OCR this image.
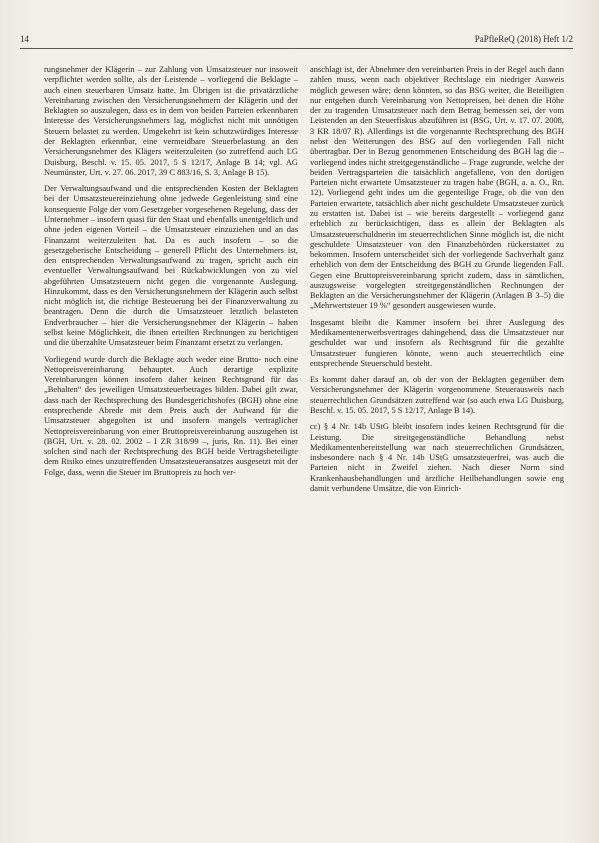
14	PaPfleReQ (2018) Heft 1/2

rungsnehmer der Klägerin – zur Zahlung von Umsatzsteuer nur insoweit verpflichtet werden sollte, als der Leistende – vorliegend die Beklagte – auch einen steuerbaren Umsatz hatte. Im Übrigen ist die privatärztliche Vereinbarung zwischen den Versicherungsnehmern der Klägerin und der Beklagten so auszulegen, dass es in dem von beiden Parteien erkennbaren Interesse des Versicherungsnehmers lag, möglichst nicht mit unnötigen Steuern belastet zu werden. Umgekehrt ist kein schutzwürdiges Interesse der Beklagten erkennbar, eine vermeidbare Steuerbelastung an den Versicherungsnehmer des Klägers weiterzuleiten (so zutreffend auch LG Duisburg, Beschl. v. 15. 05. 2017, 5 S 12/17, Anlage B 14; vgl. AG Neumünster, Urt. v. 27. 06. 2017, 39 C 883/16, S. 3, Anlage B 15).

Der Verwaltungsaufwand und die entsprechenden Kosten der Beklagten bei der Umsatzsteuereinziehung ohne jedwede Gegenleistung sind eine konsequente Folge der vom Gesetzgeber vorgesehenen Regelung, dass der Unternehmer – insofern quasi für den Staat und ebenfalls unentgeltlich und ohne jeden eigenen Vorteil – die Umsatzsteuer einzuziehen und an das Finanzamt weiterzuleiten hat. Da es auch insofern – so die gesetzgeberische Entscheidung – generell Pflicht des Unternehmers ist, den entsprechenden Verwaltungsaufwand zu tragen, spricht auch ein eventueller Verwaltungsaufwand bei Rückabwicklungen von zu viel abgeführten Umsatzsteuern nicht gegen die vorgenannte Auslegung. Hinzukommt, dass es den Versicherungsnehmern der Klägerin auch selbst nicht möglich ist, die richtige Besteuerung bei der Finanzverwaltung zu beantragen. Denn die durch die Umsatzsteuer letztlich belasteten Endverbraucher – hier die Versicherungsnehmer der Klägerin – haben selbst keine Möglichkeit, die ihnen erteilten Rechnungen zu berichtigen und die überzahlte Umsatzsteuer beim Finanzamt ersetzt zu verlangen.

Vorliegend wurde durch die Beklagte auch weder eine Brutto- noch eine Nettopreisvereinbarung behauptet. Auch derartige explizite Vereinbarungen können insofern daher keinen Rechtsgrund für das „Behalten“ des jeweiligen Umsatzsteuerbetrages bilden. Dabei gilt zwar, dass nach der Rechtsprechung des Bundesgerichtshofes (BGH) ohne eine entsprechende Abrede mit dem Preis auch der Aufwand für die Umsatzsteuer abgegolten ist und insofern mangels vertraglicher Nettopreisvereinbarung von einer Bruttopreisvereinbarung auszugehen ist (BGH, Urt. v. 28. 02. 2002 – I ZR 318/99 –, juris, Rn. 11). Bei einer solchen sind nach der Rechtsprechung des BGH beide Vertragsbeteiligte dem Risiko eines unzutreffenden Umsatzsteueransatzes ausgesetzt mit der Folge, dass, wenn die Steuer im Bruttopreis zu hoch ver-

anschlagt ist, der Abnehmer den vereinbarten Preis in der Regel auch dann zahlen muss, wenn nach objektiver Rechtslage ein niedriger Ausweis möglich gewesen wäre; denn könnten, so das BSG weiter, die Beteiligten nur entgehen durch Vereinbarung von Nettopreisen, bei denen die Höhe der zu tragenden Umsatzsteuer nach dem Betrag bemessen sei, der vom Leistenden an den Steuerfiskus abzuführen ist (BSG, Urt. v. 17. 07. 2008, 3 KR 18/07 R). Allerdings ist die vorgenannte Rechtsprechung des BGH nebst den Weiterungen des BSG auf den vorliegenden Fall nicht übertragbar. Der in Bezug genommenen Entscheidung des BGH lag die – vorliegend indes nicht streitgegenständliche – Frage zugrunde, welche der beiden Vertragsparteien die tatsächlich angefallene, von den dortigen Parteien nicht erwartete Umsatzsteuer zu tragen habe (BGH, a. a. O., Rn. 12). Vorliegend geht indes um die gegenteilige Frage, ob die von den Parteien erwartete, tatsächlich aber nicht geschuldete Umsatzsteuer zurück zu erstatten ist. Dabei ist – wie bereits dargestellt – vorliegend ganz erheblich zu berücksichtigen, dass es allein der Beklagten als Umsatzsteuerschuldnerin im steuerrechtlichen Sinne möglich ist, die nicht geschuldete Umsatzsteuer von den Finanzbehörden rückerstattet zu bekommen. Insofern unterscheidet sich der vorliegende Sachverhalt ganz erheblich von dem der Entscheidung des BGH zu Grunde liegenden Fall. Gegen eine Bruttopreisvereinbarung spricht zudem, dass in sämtlichen, auszugsweise vorgelegten streitgegenständlichen Rechnungen der Beklagten an die Versicherungsnehmer der Klägerin (Anlagen B 3–5) die „Mehrwertsteuer 19 %“ gesondert ausgewiesen wurde.

Insgesamt bleibt die Kammer insofern bei ihrer Auslegung des Medikamentenerwerbsvertrages dahingehend, dass die Umsatzsteuer nur geschuldet war und insofern als Rechtsgrund für die gezahlte Umsatzsteuer fungieren könnte, wenn auch steuerrechtlich eine entsprechende Steuerschuld besteht.

Es kommt daher darauf an, ob der von der Beklagten gegenüber dem Versicherungsnehmer der Klägerin vorgenommene Steuerausweis nach steuerrechtlichen Grundsätzen zutreffend war (so auch etwa LG Duisburg, Beschl. v. 15. 05. 2017, 5 S 12/17, Anlage B 14).

cc) § 4 Nr. 14b UStG bleibt insofern indes keinen Rechtsgrund für die Leistung. Die streitgegenständliche Behandlung nebst Medikamentenbereitstellung war nach steuerrechtlichen Grundsätzen, insbesondere nach § 4 Nr. 14b UStG umsatzsteuerfrei, was auch die Parteien nicht in Zweifel ziehen. Nach dieser Norm sind Krankenhausbehandlungen und ärztliche Heilbehandlungen sowie eng damit verbundene Umsätze, die von Einrich-
